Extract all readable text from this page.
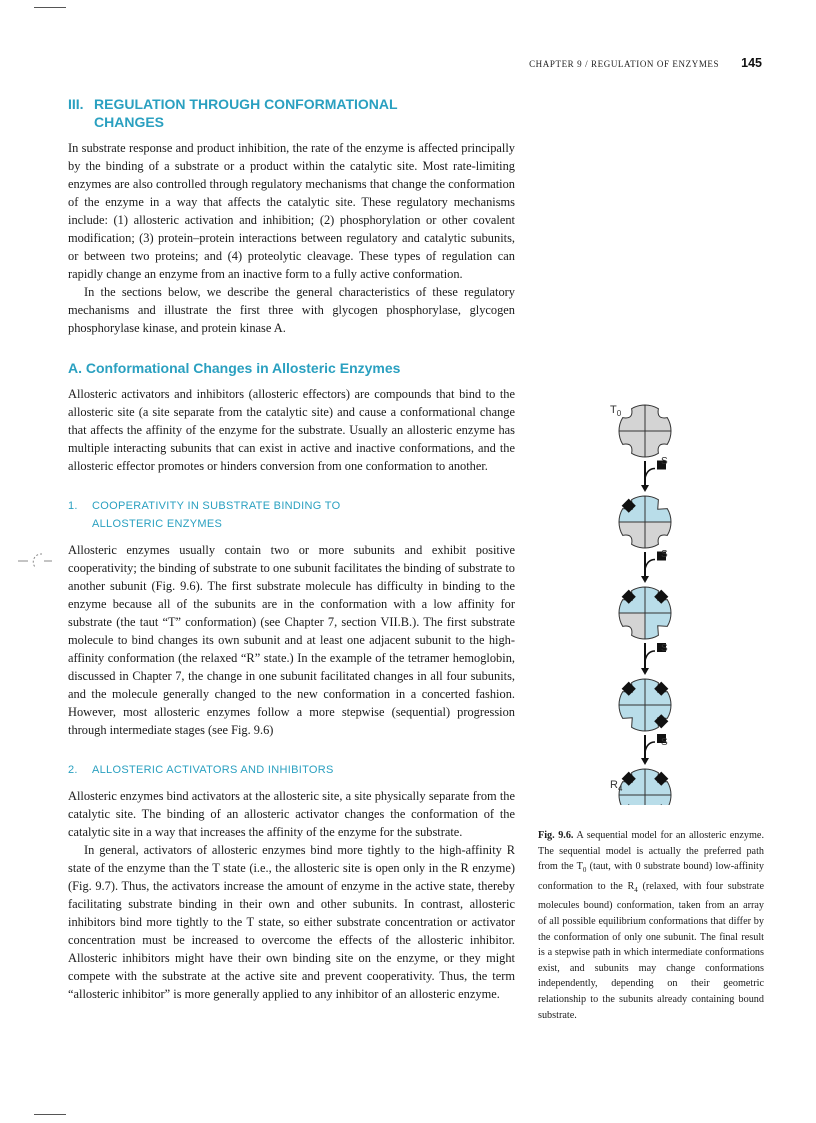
CHAPTER 9 / REGULATION OF ENZYMES 145
III. REGULATION THROUGH CONFORMATIONAL
CHANGES

In substrate response and product inhibition, the rate of the enzyme is affected principally by the binding of a substrate or a product within the catalytic site. Most rate-limiting enzymes are also controlled through regulatory mechanisms that change the conformation of the enzyme in a way that affects the catalytic site. These regulatory mechanisms include: (1) allosteric activation and inhibition; (2) phosphorylation or other covalent modification; (3) protein–protein interactions between regulatory and catalytic subunits, or between two proteins; and (4) proteolytic cleavage. These types of regulation can rapidly change an enzyme from an inactive form to a fully active conformation.

In the sections below, we describe the general characteristics of these regulatory mechanisms and illustrate the first three with glycogen phosphorylase, glycogen phosphorylase kinase, and protein kinase A.

A. Conformational Changes in Allosteric Enzymes

Allosteric activators and inhibitors (allosteric effectors) are compounds that bind to the allosteric site (a site separate from the catalytic site) and cause a conformational change that affects the affinity of the enzyme for the substrate. Usually an allosteric enzyme has multiple interacting subunits that can exist in active and inactive conformations, and the allosteric effector promotes or hinders conversion from one conformation to another.

1. COOPERATIVITY IN SUBSTRATE BINDING TO
ALLOSTERIC ENZYMES

Allosteric enzymes usually contain two or more subunits and exhibit positive cooperativity; the binding of substrate to one subunit facilitates the binding of substrate to another subunit (Fig. 9.6). The first substrate molecule has difficulty in binding to the enzyme because all of the subunits are in the conformation with a low affinity for substrate (the taut “T” conformation) (see Chapter 7, section VII.B.). The first substrate molecule to bind changes its own subunit and at least one adjacent subunit to the high-affinity conformation (the relaxed “R” state.) In the example of the tetramer hemoglobin, discussed in Chapter 7, the change in one subunit facilitated changes in all four subunits, and the molecule generally changed to the new conformation in a concerted fashion. However, most allosteric enzymes follow a more stepwise (sequential) progression through intermediate stages (see Fig. 9.6)

2. ALLOSTERIC ACTIVATORS AND INHIBITORS

Allosteric enzymes bind activators at the allosteric site, a site physically separate from the catalytic site. The binding of an allosteric activator changes the conformation of the catalytic site in a way that increases the affinity of the enzyme for the substrate.

In general, activators of allosteric enzymes bind more tightly to the high-affinity R state of the enzyme than the T state (i.e., the allosteric site is open only in the R enzyme) (Fig. 9.7). Thus, the activators increase the amount of enzyme in the active state, thereby facilitating substrate binding in their own and other subunits. In contrast, allosteric inhibitors bind more tightly to the T state, so either substrate concentration or activator concentration must be increased to overcome the effects of the allosteric inhibitor. Allosteric inhibitors might have their own binding site on the enzyme, or they might compete with the substrate at the active site and prevent cooperativity. Thus, the term “allosteric inhibitor” is more generally applied to any inhibitor of an allosteric enzyme.

$T_0$
$R_4$
S
S
S
S
Fig. 9.6. A sequential model for an allosteric enzyme. The sequential model is actually the preferred path from the $T_0$ (taut, with 0 substrate bound) low-affinity conformation to the $R_4$ (relaxed, with four substrate molecules bound) conformation, taken from an array of all possible equilibrium conformations that differ by the conformation of only one subunit. The final result is a stepwise path in which intermediate conformations exist, and subunits may change conformations independently, depending on their geometric relationship to the subunits already containing bound substrate.
